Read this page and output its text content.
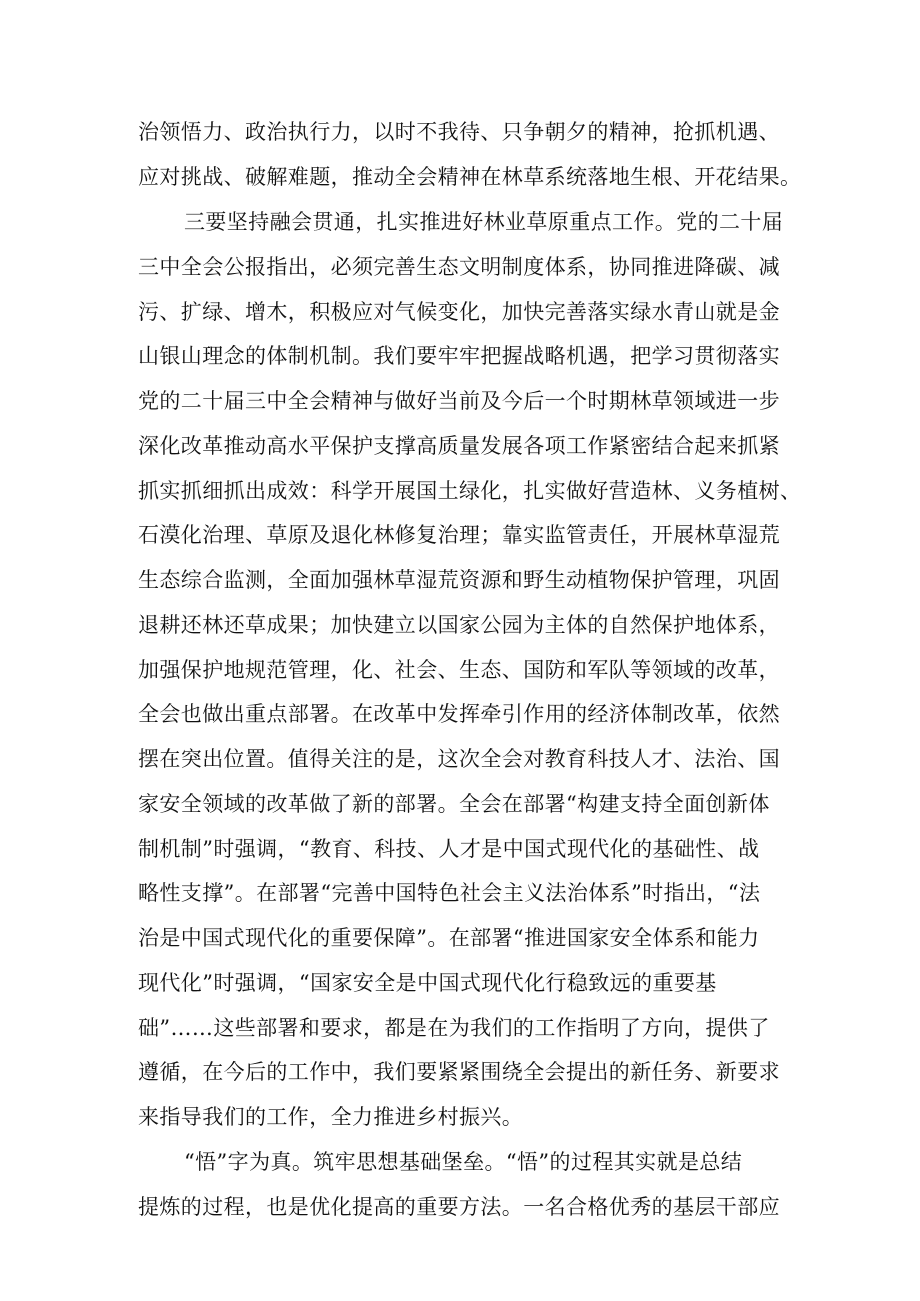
治领悟力、政治执行力，以时不我待、只争朝夕的精神，抢抓机遇、
应对挑战、破解难题，推动全会精神在林草系统落地生根、开花结果。
三要坚持融会贯通，扎实推进好林业草原重点工作。党的二十届
三中全会公报指出，必须完善生态文明制度体系，协同推进降碳、减
污、扩绿、增木，积极应对气候变化，加快完善落实绿水青山就是金
山银山理念的体制机制。我们要牢牢把握战略机遇，把学习贯彻落实
党的二十届三中全会精神与做好当前及今后一个时期林草领域进一步
深化改革推动高水平保护支撑高质量发展各项工作紧密结合起来抓紧
抓实抓细抓出成效：科学开展国土绿化，扎实做好营造林、义务植树、
石漠化治理、草原及退化林修复治理；靠实监管责任，开展林草湿荒
生态综合监测，全面加强林草湿荒资源和野生动植物保护管理，巩固
退耕还林还草成果；加快建立以国家公园为主体的自然保护地体系，
加强保护地规范管理，化、社会、生态、国防和军队等领域的改革，
全会也做出重点部署。在改革中发挥牵引作用的经济体制改革，依然
摆在突出位置。值得关注的是，这次全会对教育科技人才、法治、国
家安全领域的改革做了新的部署。全会在部署“构建支持全面创新体
制机制”时强调，“教育、科技、人才是中国式现代化的基础性、战
略性支撑”。在部署“完善中国特色社会主义法治体系”时指出，“法
治是中国式现代化的重要保障”。在部署“推进国家安全体系和能力
现代化”时强调，“国家安全是中国式现代化行稳致远的重要基
础”……这些部署和要求，都是在为我们的工作指明了方向，提供了
遵循，在今后的工作中，我们要紧紧围绕全会提出的新任务、新要求
来指导我们的工作，全力推进乡村振兴。
“悟”字为真。筑牢思想基础堡垒。“悟”的过程其实就是总结
提炼的过程，也是优化提高的重要方法。一名合格优秀的基层干部应
